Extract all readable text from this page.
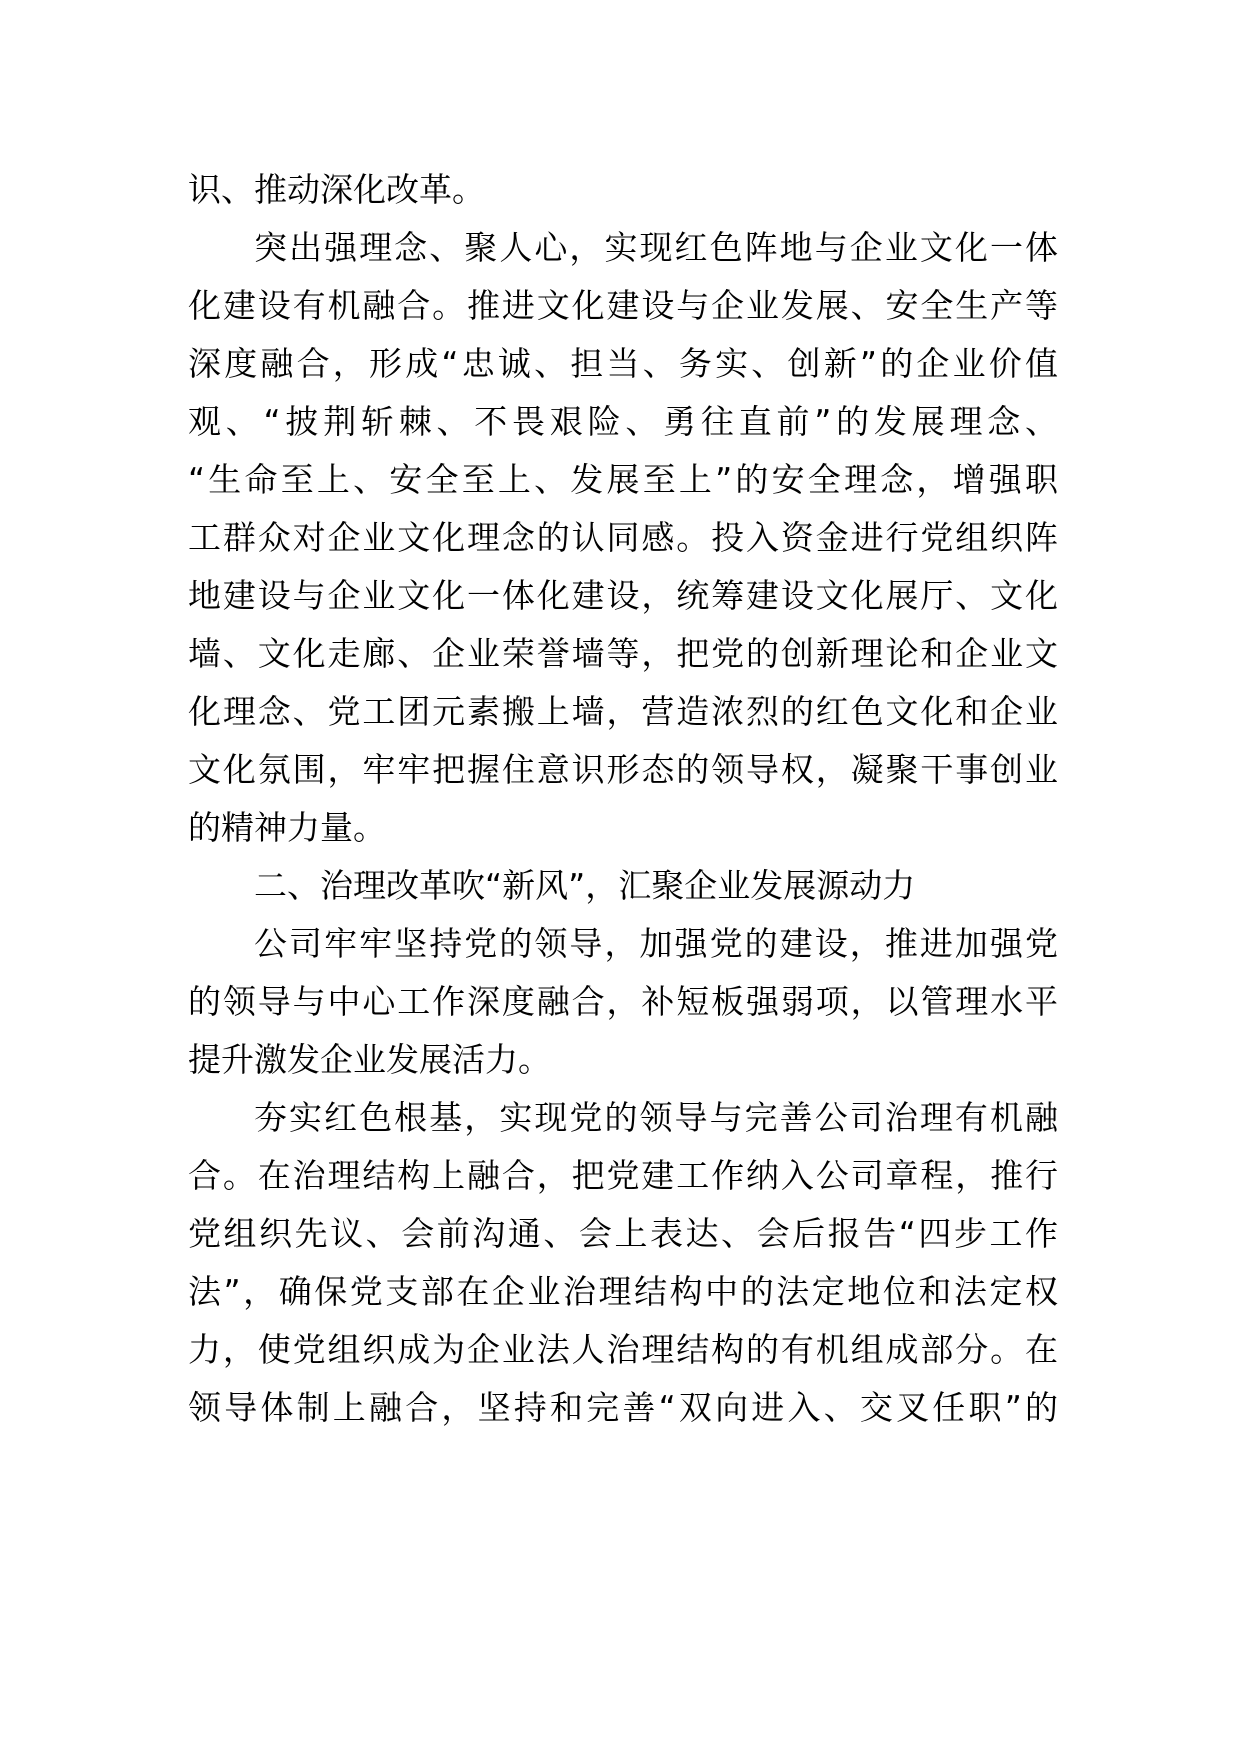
识、推动深化改革。
突出强理念、聚人心，实现红色阵地与企业文化一体
化建设有机融合。推进文化建设与企业发展、安全生产等
深度融合，形成“忠诚、担当、务实、创新”的企业价值
观、“披荆斩棘、不畏艰险、勇往直前”的发展理念、
“生命至上、安全至上、发展至上”的安全理念，增强职
工群众对企业文化理念的认同感。投入资金进行党组织阵
地建设与企业文化一体化建设，统筹建设文化展厅、文化
墙、文化走廊、企业荣誉墙等，把党的创新理论和企业文
化理念、党工团元素搬上墙，营造浓烈的红色文化和企业
文化氛围，牢牢把握住意识形态的领导权，凝聚干事创业
的精神力量。
二、治理改革吹“新风”，汇聚企业发展源动力
公司牢牢坚持党的领导，加强党的建设，推进加强党
的领导与中心工作深度融合，补短板强弱项，以管理水平
提升激发企业发展活力。
夯实红色根基，实现党的领导与完善公司治理有机融
合。在治理结构上融合，把党建工作纳入公司章程，推行
党组织先议、会前沟通、会上表达、会后报告“四步工作
法”，确保党支部在企业治理结构中的法定地位和法定权
力，使党组织成为企业法人治理结构的有机组成部分。在
领导体制上融合，坚持和完善“双向进入、交叉任职”的
